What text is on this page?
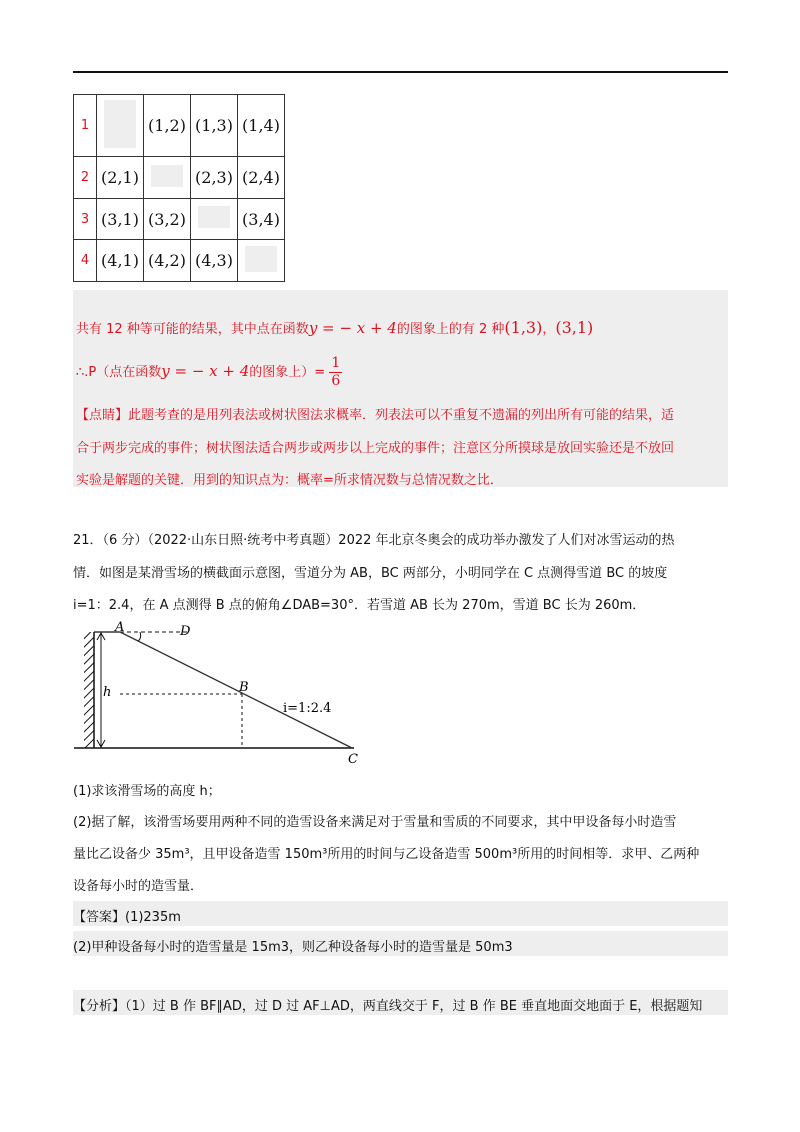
1		(1,2)	(1,3)	(1,4)
2	(2,1)		(2,3)	(2,4)
3	(3,1)	(3,2)		(3,4)
4	(4,1)	(4,2)	(4,3)	
共有 12 种等可能的结果，其中点在函数y = − x + 4的图象上的有 2 种(1,3)，(3,1)
∴.P（点在函数y = − x + 4的图象上）= $\frac{1}{6}$
【点睛】此题考查的是用列表法或树状图法求概率．列表法可以不重复不遗漏的列出所有可能的结果，适
合于两步完成的事件；树状图法适合两步或两步以上完成的事件；注意区分所摸球是放回实验还是不放回
实验是解题的关键．用到的知识点为：概率=所求情况数与总情况数之比．
21．（6 分）（2022·山东日照·统考中考真题）2022 年北京冬奥会的成功举办激发了人们对冰雪运动的热
情．如图是某滑雪场的横截面示意图，雪道分为 AB，BC 两部分，小明同学在 C 点测得雪道 BC 的坡度
i=1：2.4，在 A 点测得 B 点的俯角∠DAB=30°．若雪道 AB 长为 270m，雪道 BC 长为 260m．
A	D
B
C
h
i=1:2.4
(1)求该滑雪场的高度 h；
(2)据了解，该滑雪场要用两种不同的造雪设备来满足对于雪量和雪质的不同要求，其中甲设备每小时造雪
量比乙设备少 35m³，且甲设备造雪 150m³所用的时间与乙设备造雪 500m³所用的时间相等．求甲、乙两种
设备每小时的造雪量．
【答案】(1)235m
(2)甲种设备每小时的造雪量是 15m3，则乙种设备每小时的造雪量是 50m3
【分析】（1）过 B 作 BF∥AD，过 D 过 AF⊥AD，两直线交于 F，过 B 作 BE 垂直地面交地面于 E，根据题知
